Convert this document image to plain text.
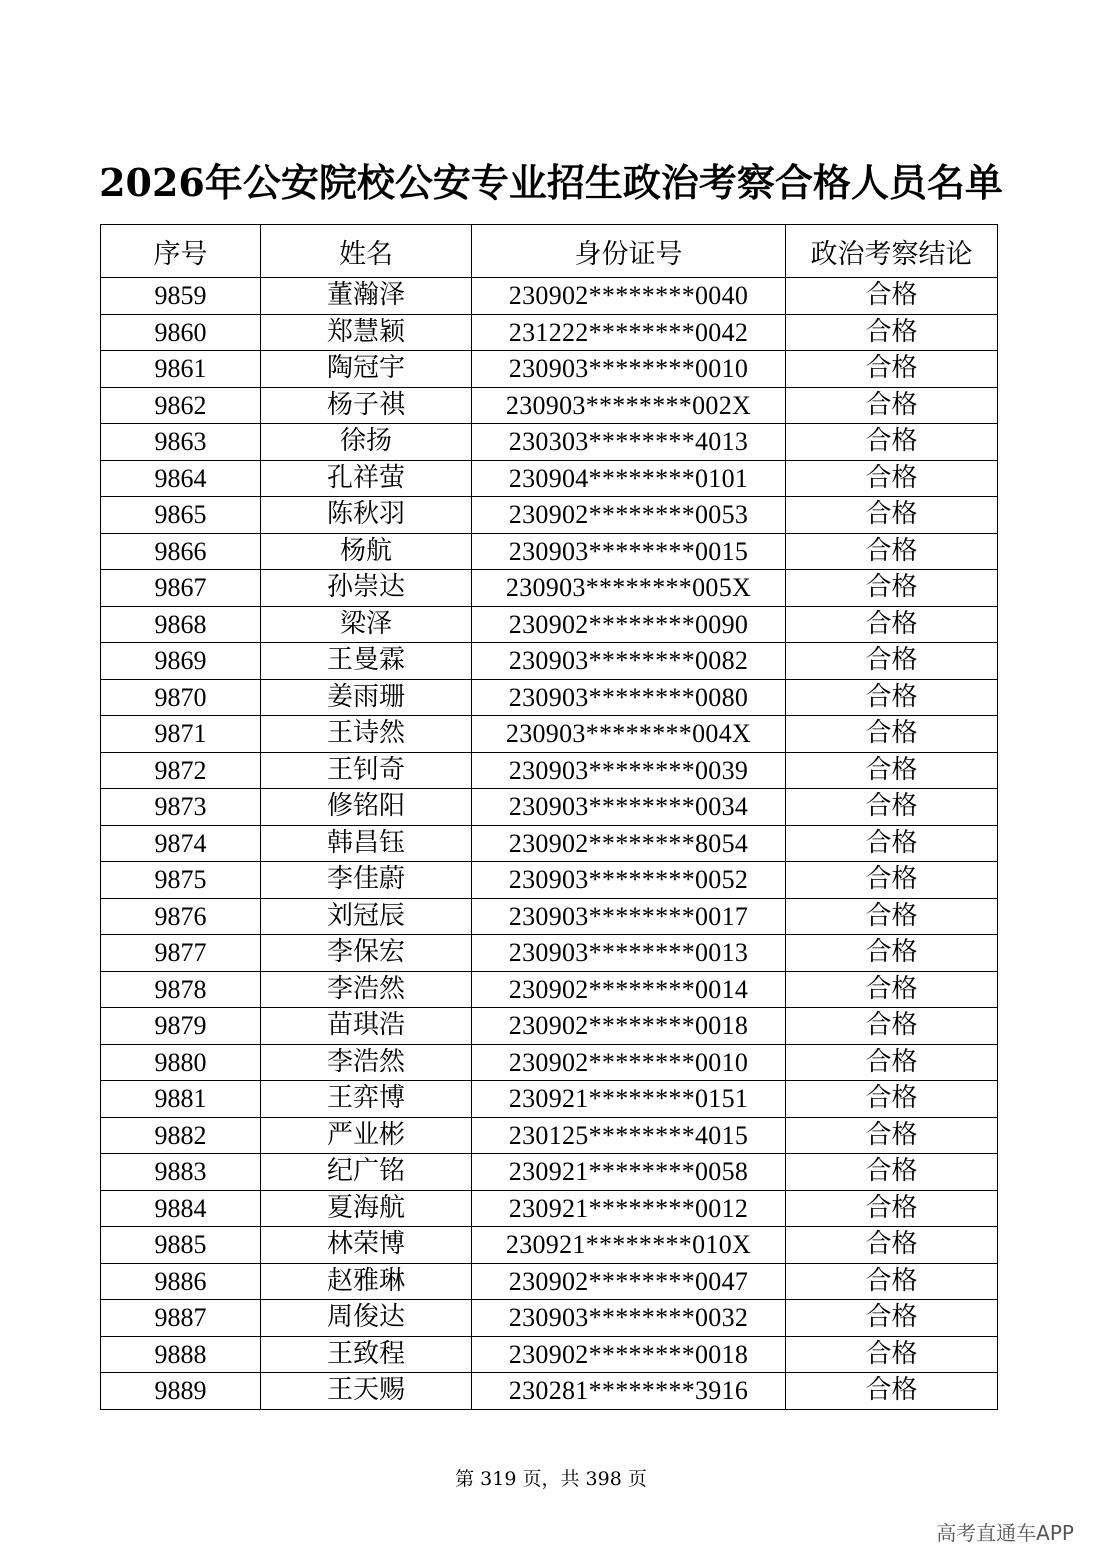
2026年公安院校公安专业招生政治考察合格人员名单
序号	姓名	身份证号	政治考察结论
9859	董瀚泽	230902********0040	合格
9860	郑慧颖	231222********0042	合格
9861	陶冠宇	230903********0010	合格
9862	杨子祺	230903********002X	合格
9863	徐扬	230303********4013	合格
9864	孔祥萤	230904********0101	合格
9865	陈秋羽	230902********0053	合格
9866	杨航	230903********0015	合格
9867	孙崇达	230903********005X	合格
9868	梁泽	230902********0090	合格
9869	王曼霖	230903********0082	合格
9870	姜雨珊	230903********0080	合格
9871	王诗然	230903********004X	合格
9872	王钊奇	230903********0039	合格
9873	修铭阳	230903********0034	合格
9874	韩昌钰	230902********8054	合格
9875	李佳蔚	230903********0052	合格
9876	刘冠辰	230903********0017	合格
9877	李保宏	230903********0013	合格
9878	李浩然	230902********0014	合格
9879	苗琪浩	230902********0018	合格
9880	李浩然	230902********0010	合格
9881	王弈博	230921********0151	合格
9882	严业彬	230125********4015	合格
9883	纪广铭	230921********0058	合格
9884	夏海航	230921********0012	合格
9885	林荣博	230921********010X	合格
9886	赵雅琳	230902********0047	合格
9887	周俊达	230903********0032	合格
9888	王致程	230902********0018	合格
9889	王天赐	230281********3916	合格
第 319 页，共 398 页
高考直通车APP
